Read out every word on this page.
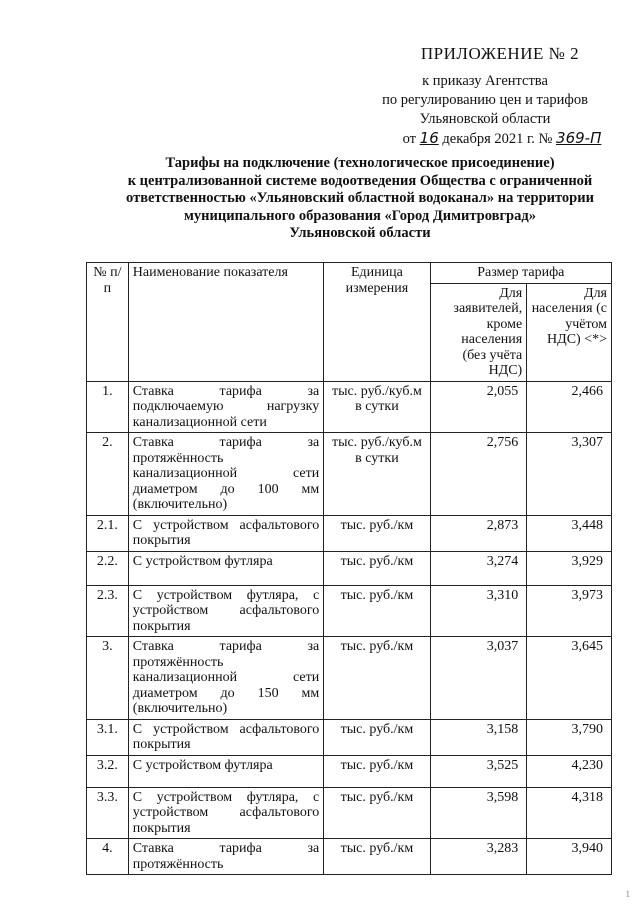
ПРИЛОЖЕНИЕ № 2
к приказу Агентства
по регулированию цен и тарифов
Ульяновской области
от 16 декабря 2021 г. № 369-П
Тарифы на подключение (технологическое присоединение)
к централизованной системе водоотведения Общества с ограниченной
ответственностью «Ульяновский областной водоканал» на территории
муниципального образования «Город Димитровград»
Ульяновской области
№ п/п	Наименование показателя	Единица измерения	Размер тарифа	
			Для заявителей, кроме населения (без учёта НДС)	Для населения (с учётом НДС) <*>
1.	Ставка тарифа за подключаемую нагрузку канализационной сети	тыс. руб./куб.м в сутки	2,055	2,466
2.	Ставка тарифа за протяжённость канализационной сети диаметром до 100 мм (включительно)	тыс. руб./куб.м в сутки	2,756	3,307
2.1.	С устройством асфальтового покрытия	тыс. руб./км	2,873	3,448
2.2.	С устройством футляра	тыс. руб./км	3,274	3,929
2.3.	С устройством футляра, с устройством асфальтового покрытия	тыс. руб./км	3,310	3,973
3.	Ставка тарифа за протяжённость канализационной сети диаметром до 150 мм (включительно)	тыс. руб./км	3,037	3,645
3.1.	С устройством асфальтового покрытия	тыс. руб./км	3,158	3,790
3.2.	С устройством футляра	тыс. руб./км	3,525	4,230
3.3.	С устройством футляра, с устройством асфальтового покрытия	тыс. руб./км	3,598	4,318
4.	Ставка тарифа за протяжённость	тыс. руб./км	3,283	3,940
1
